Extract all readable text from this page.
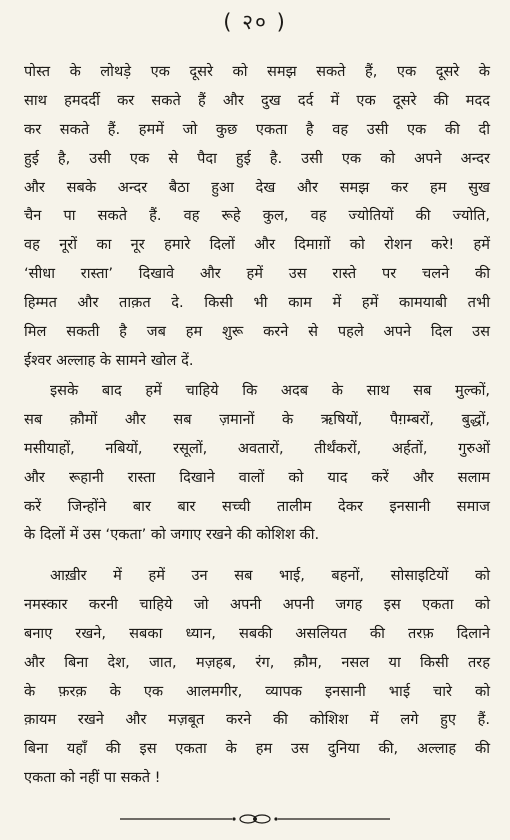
( २० )
पोस्त के लोथड़े एक दूसरे को समझ सकते हैं, एक दूसरे के
साथ हमदर्दी कर सकते हैं और दुख दर्द में एक दूसरे की मदद
कर सकते हैं. हममें जो कुछ एकता है वह उसी एक की दी
हुई है, उसी एक से पैदा हुई है. उसी एक को अपने अन्दर
और सबके अन्दर बैठा हुआ देख और समझ कर हम सुख
चैन पा सकते हैं. वह रूहे कुल, वह ज्योतियों की ज्योति,
वह नूरों का नूर हमारे दिलों और दिमाग़ों को रोशन करे! हमें
‘सीधा रास्ता’ दिखावे और हमें उस रास्ते पर चलने की
हिम्मत और ताक़त दे. किसी भी काम में हमें कामयाबी तभी
मिल सकती है जब हम शुरू करने से पहले अपने दिल उस
ईश्वर अल्लाह के सामने खोल दें.
इसके बाद हमें चाहिये कि अदब के साथ सब मुल्कों,
सब क़ौमों और सब ज़मानों के ऋषियों, पैग़म्बरों, बुद्धों,
मसीयाहों, नबियों, रसूलों, अवतारों, तीर्थंकरों, अर्हतों, गुरुओं
और रूहानी रास्ता दिखाने वालों को याद करें और सलाम
करें जिन्होंने बार बार सच्ची तालीम देकर इनसानी समाज
के दिलों में उस ‘एकता’ को जगाए रखने की कोशिश की.
आख़ीर में हमें उन सब भाई, बहनों, सोसाइटियों को
नमस्कार करनी चाहिये जो अपनी अपनी जगह इस एकता को
बनाए रखने, सबका ध्यान, सबकी असलियत की तरफ़ दिलाने
और बिना देश, जात, मज़हब, रंग, क़ौम, नसल या किसी तरह
के फ़रक़ के एक आलमगीर, व्यापक इनसानी भाई चारे को
क़ायम रखने और मज़बूत करने की कोशिश में लगे हुए हैं.
बिना यहाँ की इस एकता के हम उस दुनिया की, अल्लाह की
एकता को नहीं पा सकते !
